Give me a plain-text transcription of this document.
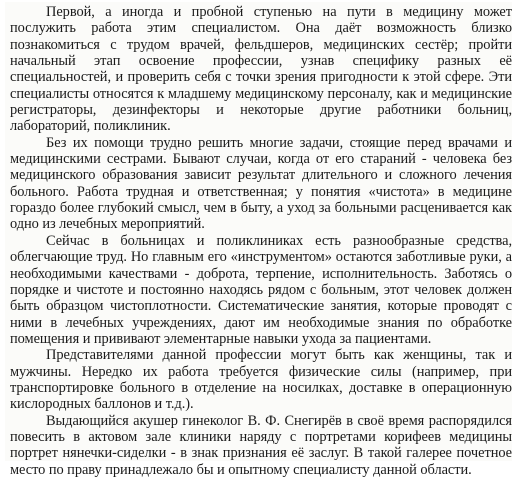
Первой, а иногда и пробной ступенью на пути в медицину может послужить работа этим специалистом. Она даёт возможность близко познакомиться с трудом врачей, фельдшеров, медицинских сестёр; пройти начальный этап освоение профессии, узнав специфику разных её специальностей, и проверить себя с точки зрения пригодности к этой сфере. Эти специалисты относятся к младшему медицинскому персоналу, как и медицинские регистраторы, дезинфекторы и некоторые другие работники больниц, лабораторий, поликлиник.

Без их помощи трудно решить многие задачи, стоящие перед врачами и медицинскими сестрами. Бывают случаи, когда от его стараний - человека без медицинского образования зависит результат длительного и сложного лечения больного. Работа трудная и ответственная; у понятия «чистота» в медицине гораздо более глубокий смысл, чем в быту, а уход за больными расценивается как одно из лечебных мероприятий.

Сейчас в больницах и поликлиниках есть разнообразные средства, облегчающие труд. Но главным его «инструментом» остаются заботливые руки, а необходимыми качествами - доброта, терпение, исполнительность. Заботясь о порядке и чистоте и постоянно находясь рядом с больным, этот человек должен быть образцом чистоплотности. Систематические занятия, которые проводят с ними в лечебных учреждениях, дают им необходимые знания по обработке помещения и прививают элементарные навыки ухода за пациентами.

Представителями данной профессии могут быть как женщины, так и мужчины. Нередко их работа требуется физические силы (например, при транспортировке больного в отделение на носилках, доставке в операционную кислородных баллонов и т.д.).

Выдающийся акушер гинеколог В. Ф. Снегирёв в своё время распорядился повесить в актовом зале клиники наряду с портретами корифеев медицины портрет нянечки-сиделки - в знак признания её заслуг. В такой галерее почетное место по праву принадлежало бы и опытному специалисту данной области.
